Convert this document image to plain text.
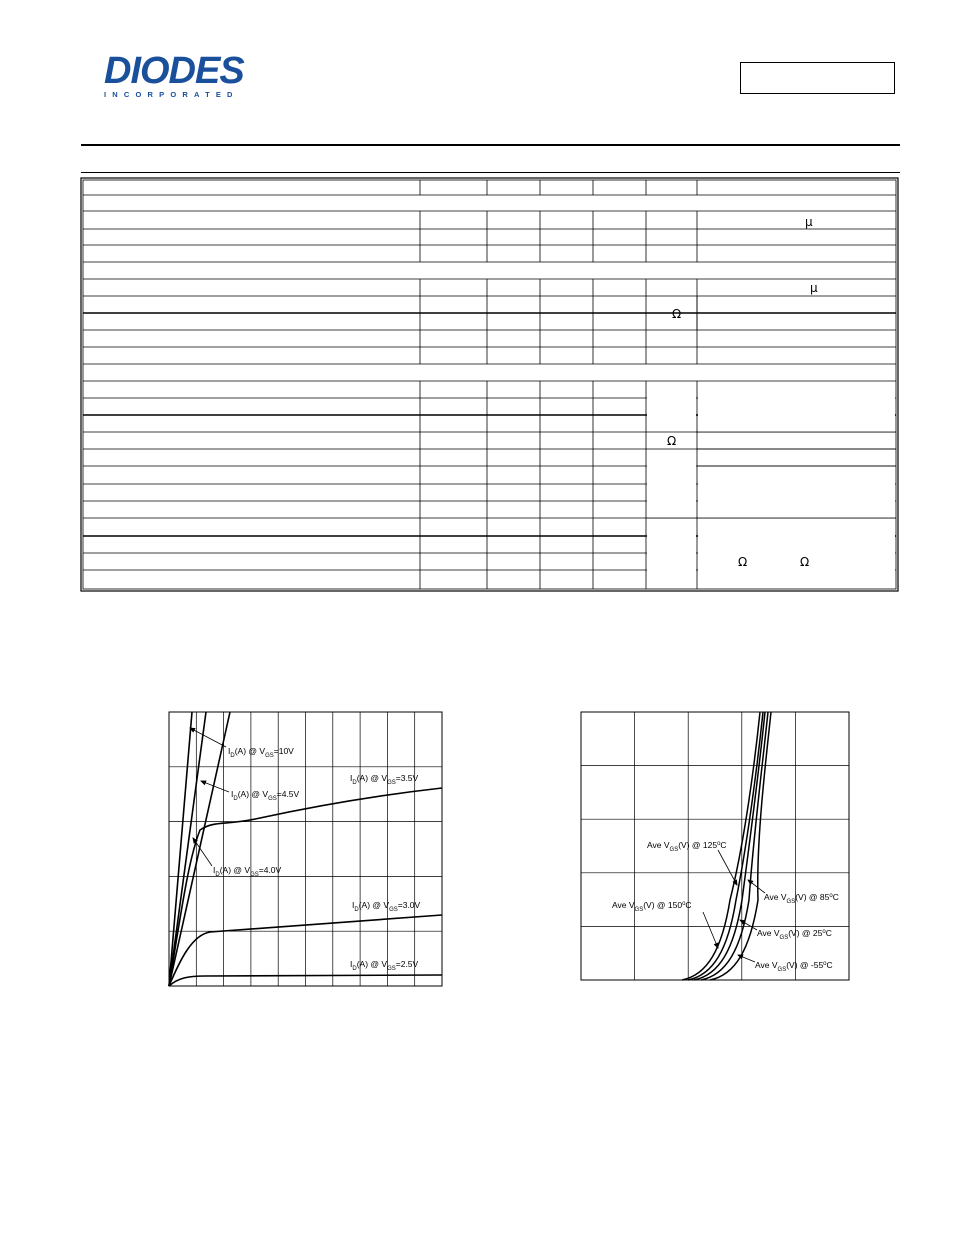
DIODES
INCORPORATED
µ
µ
Ω
Ω
Ω	Ω
$I_D(A)$ @ $V_{GS}=10V$
$I_D(A)$ @ $V_{GS}=4.5V$
$I_D(A)$ @ $V_{GS}=4.0V$
$I_D(A)$ @ $V_{GS}=3.5V$
$I_D(A)$ @ $V_{GS}=3.0V$
$I_D(A)$ @ $V_{GS}=2.5V$
Ave $V_{GS}(V)$ @ 125$^o$C
Ave $V_{GS}(V)$ @ 150$^o$C
Ave $V_{GS}(V)$ @ 85$^o$C
Ave $V_{GS}(V)$ @ 25$^o$C
Ave $V_{GS}(V)$ @ -55$^o$C
